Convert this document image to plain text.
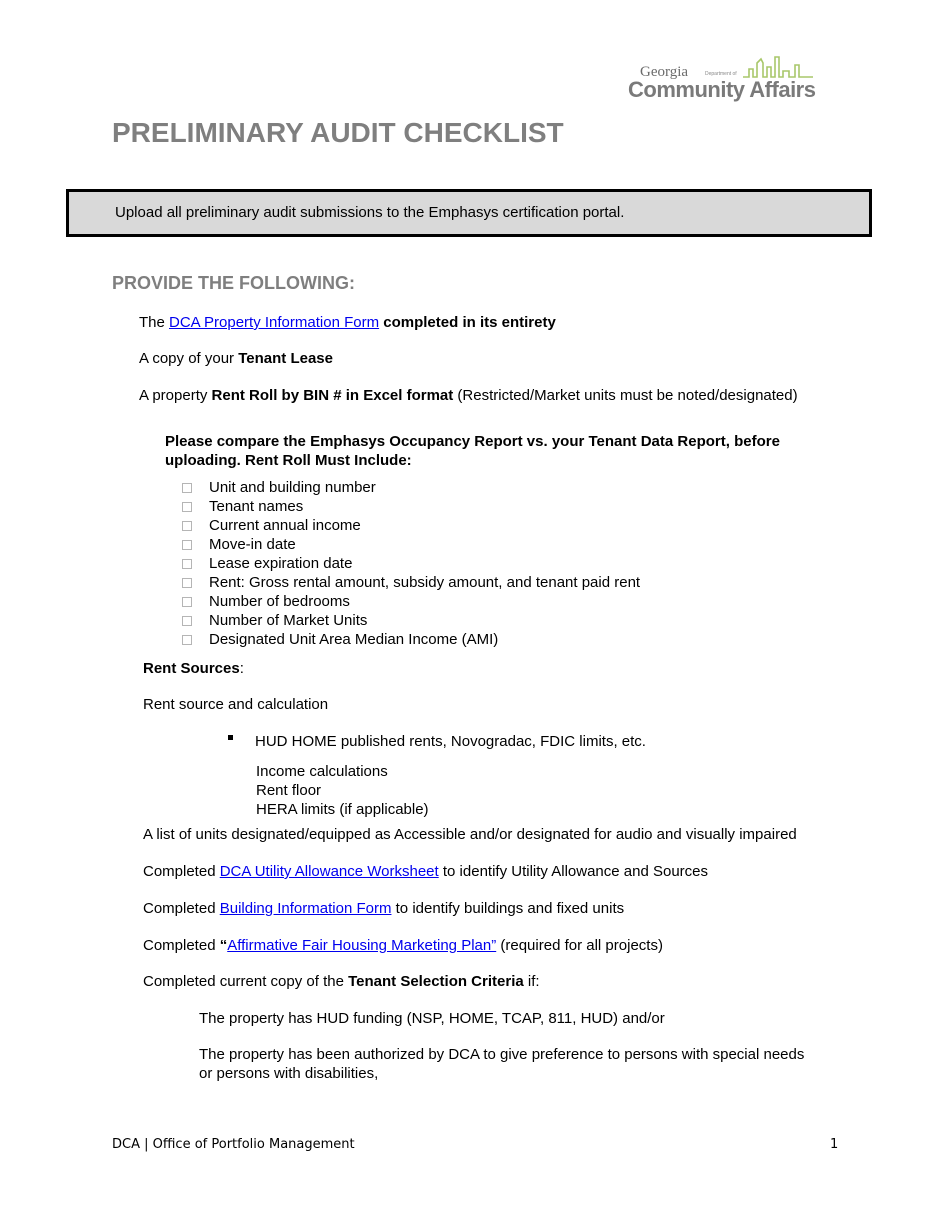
Georgia	Department of
Community Affairs
PRELIMINARY AUDIT CHECKLIST
Upload all preliminary audit submissions to the Emphasys certification portal.
PROVIDE THE FOLLOWING:
The DCA Property Information Form completed in its entirety
A copy of your Tenant Lease
A property Rent Roll by BIN # in Excel format (Restricted/Market units must be noted/designated)
Please compare the Emphasys Occupancy Report vs. your Tenant Data Report, before
uploading. Rent Roll Must Include:
Unit and building number
Tenant names
Current annual income
Move-in date
Lease expiration date
Rent: Gross rental amount, subsidy amount, and tenant paid rent
Number of bedrooms
Number of Market Units
Designated Unit Area Median Income (AMI)
Rent Sources:
Rent source and calculation
HUD HOME published rents, Novogradac, FDIC limits, etc.
Income calculations
Rent floor
HERA limits (if applicable)
A list of units designated/equipped as Accessible and/or designated for audio and visually impaired
Completed DCA Utility Allowance Worksheet to identify Utility Allowance and Sources
Completed Building Information Form to identify buildings and fixed units
Completed “Affirmative Fair Housing Marketing Plan” (required for all projects)
Completed current copy of the Tenant Selection Criteria if:
The property has HUD funding (NSP, HOME, TCAP, 811, HUD) and/or
The property has been authorized by DCA to give preference to persons with special needs
or persons with disabilities,
DCA | Office of Portfolio Management	1
